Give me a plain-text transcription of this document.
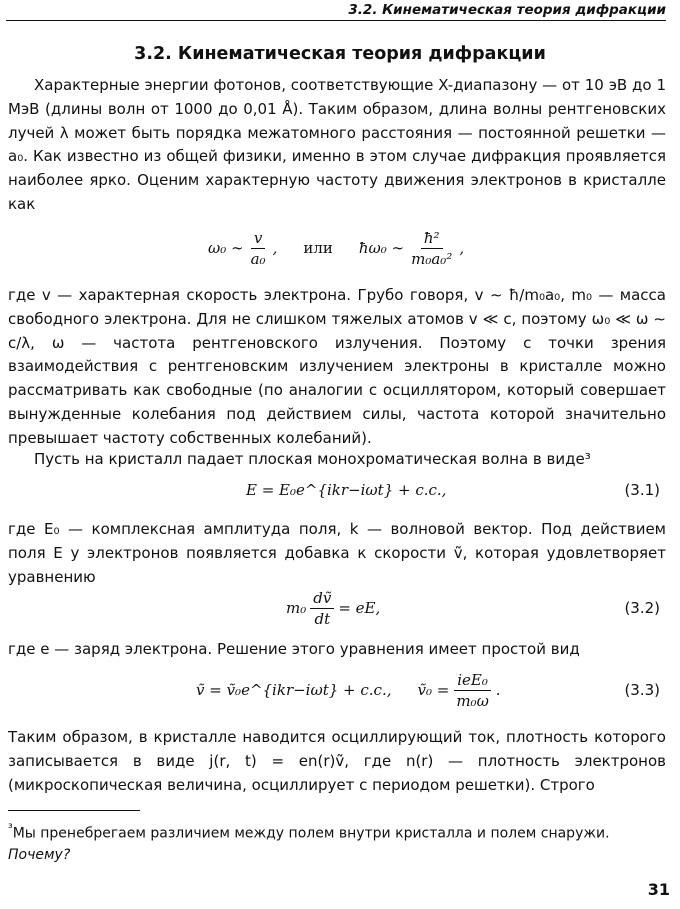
3.2. Кинематическая теория дифракции
3.2. Кинематическая теория дифракции
Характерные энергии фотонов, соответствующие X-диапазону — от 10 эВ до 1 МэВ (длины волн от 1000 до 0,01 Å). Таким образом, длина волны рентгеновских лучей λ может быть порядка межатомного расстояния — постоянной решетки — a₀. Как известно из общей физики, именно в этом случае дифракция проявляется наиболее ярко. Оценим характерную частоту движения электронов в кристалле как
ω₀ ∼ $\frac{v}{\text{a₀}}$ , или ħω₀ ∼ $\frac{\text{ħ²}}{\text{m₀a₀²}}$ ,
где v — характерная скорость электрона. Грубо говоря, v ∼ ħ/m₀a₀, m₀ — масса свободного электрона. Для не слишком тяжелых атомов v ≪ c, поэтому ω₀ ≪ ω ∼ c/λ, ω — частота рентгеновского излучения. Поэтому с точки зрения взаимодействия с рентгеновским излучением электроны в кристалле можно рассматривать как свободные (по аналогии с осциллятором, который совершает вынужденные колебания под действием силы, частота которой значительно превышает частоту собственных колебаний).
Пусть на кристалл падает плоская монохроматическая волна в виде³
E = E₀e^{ikr−iωt} + c.c.,	(3.1)
где E₀ — комплексная амплитуда поля, k — волновой вектор. Под действием поля E у электронов появляется добавка к скорости ṽ, которая удовлетворяет уравнению
$m_0 \frac{\text{dṽ}}{dt}$ = eE,	(3.2)
где e — заряд электрона. Решение этого уравнения имеет простой вид
ṽ = ṽ₀e^{ikr−iωt} + c.c., ṽ₀ = $\frac{\text{ieE₀}}{\text{m₀ω}}$ .	(3.3)
Таким образом, в кристалле наводится осциллирующий ток, плотность которого записывается в виде j(r, t) = en(r)ṽ, где n(r) — плотность электронов (микроскопическая величина, осциллирует с периодом решетки). Строго
$^{^3}$Мы пренебрегаем различием между полем внутри кристалла и полем снаружи.
Почему?
31
